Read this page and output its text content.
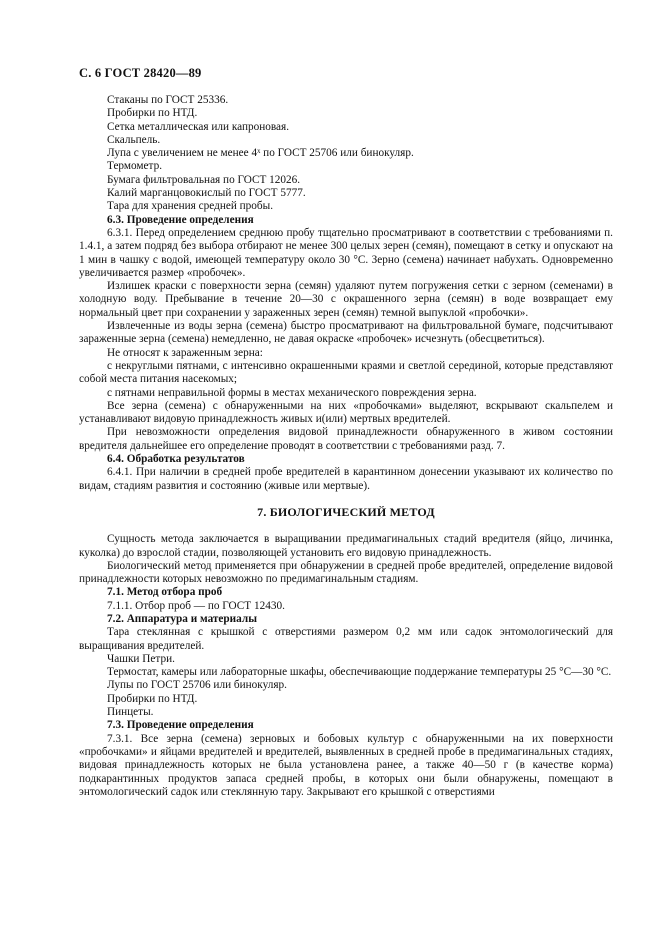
С. 6 ГОСТ 28420—89

Стаканы по ГОСТ 25336.

Пробирки по НТД.

Сетка металлическая или капроновая.

Скальпель.

Лупа с увеличением не менее 4ˣ по ГОСТ 25706 или бинокуляр.

Термометр.

Бумага фильтровальная по ГОСТ 12026.

Калий марганцовокислый по ГОСТ 5777.

Тара для хранения средней пробы.

6.3. Проведение определения

6.3.1. Перед определением среднюю пробу тщательно просматривают в соответствии с требованиями п. 1.4.1, а затем подряд без выбора отбирают не менее 300 целых зерен (семян), помещают в сетку и опускают на 1 мин в чашку с водой, имеющей температуру около 30 °С. Зерно (семена) начинает набухать. Одновременно увеличивается размер «пробочек».

Излишек краски с поверхности зерна (семян) удаляют путем погружения сетки с зерном (семенами) в холодную воду. Пребывание в течение 20—30 с окрашенного зерна (семян) в воде возвращает ему нормальный цвет при сохранении у зараженных зерен (семян) темной выпуклой «пробочки».

Извлеченные из воды зерна (семена) быстро просматривают на фильтровальной бумаге, подсчитывают зараженные зерна (семена) немедленно, не давая окраске «пробочек» исчезнуть (обесцветиться).

Не относят к зараженным зерна:

с некруглыми пятнами, с интенсивно окрашенными краями и светлой серединой, которые представляют собой места питания насекомых;

с пятнами неправильной формы в местах механического повреждения зерна.

Все зерна (семена) с обнаруженными на них «пробочками» выделяют, вскрывают скальпелем и устанавливают видовую принадлежность живых и(или) мертвых вредителей.

При невозможности определения видовой принадлежности обнаруженного в живом состоянии вредителя дальнейшее его определение проводят в соответствии с требованиями разд. 7.

6.4. Обработка результатов

6.4.1. При наличии в средней пробе вредителей в карантинном донесении указывают их количество по видам, стадиям развития и состоянию (живые или мертвые).

7. БИОЛОГИЧЕСКИЙ МЕТОД

Сущность метода заключается в выращивании предимагинальных стадий вредителя (яйцо, личинка, куколка) до взрослой стадии, позволяющей установить его видовую принадлежность.

Биологический метод применяется при обнаружении в средней пробе вредителей, определение видовой принадлежности которых невозможно по предимагинальным стадиям.

7.1. Метод отбора проб

7.1.1. Отбор проб — по ГОСТ 12430.

7.2. Аппаратура и материалы

Тара стеклянная с крышкой с отверстиями размером 0,2 мм или садок энтомологический для выращивания вредителей.

Чашки Петри.

Термостат, камеры или лабораторные шкафы, обеспечивающие поддержание температуры 25 °С—30 °С.

Лупы по ГОСТ 25706 или бинокуляр.

Пробирки по НТД.

Пинцеты.

7.3. Проведение определения

7.3.1. Все зерна (семена) зерновых и бобовых культур с обнаруженными на их поверхности «пробочками» и яйцами вредителей и вредителей, выявленных в средней пробе в предимагинальных стадиях, видовая принадлежность которых не была установлена ранее, а также 40—50 г (в качестве корма) подкарантинных продуктов запаса средней пробы, в которых они были обнаружены, помещают в энтомологический садок или стеклянную тару. Закрывают его крышкой с отверстиями
